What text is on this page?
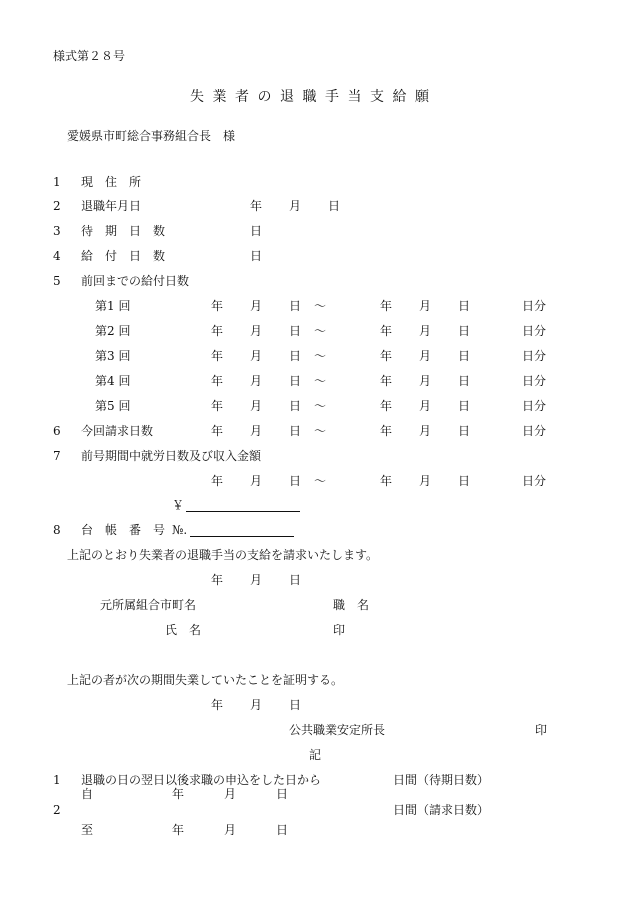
様式第２８号
失業者の退職手当支給願
愛媛県市町総合事務組合長　様
1 現　住　所
2 退職年月日	年 月 日
3 待　期　日　数	日
4 給　付　日　数	日
5 前回までの給付日数
第1 回	年 月 日 ～	年 月 日	日分
第2 回	年 月 日 ～	年 月 日	日分
第3 回	年 月 日 ～	年 月 日	日分
第4 回	年 月 日 ～	年 月 日	日分
第5 回	年 月 日 ～	年 月 日	日分
6 今回請求日数	年 月 日 ～	年 月 日	日分
7 前号期間中就労日数及び収入金額
年 月 日 ～	年 月 日	日分
￥
8 台　帳　番　号 №.
上記のとおり失業者の退職手当の支給を請求いたします。
年 月 日
元所属組合市町名	職　名
氏　名	印
上記の者が次の期間失業していたことを証明する。
年 月 日
公共職業安定所長	印
記
1 退職の日の翌日以後求職の申込をした日から	日間（待期日数）
自	年	月	日
2	日間（請求日数）
至	年	月	日
